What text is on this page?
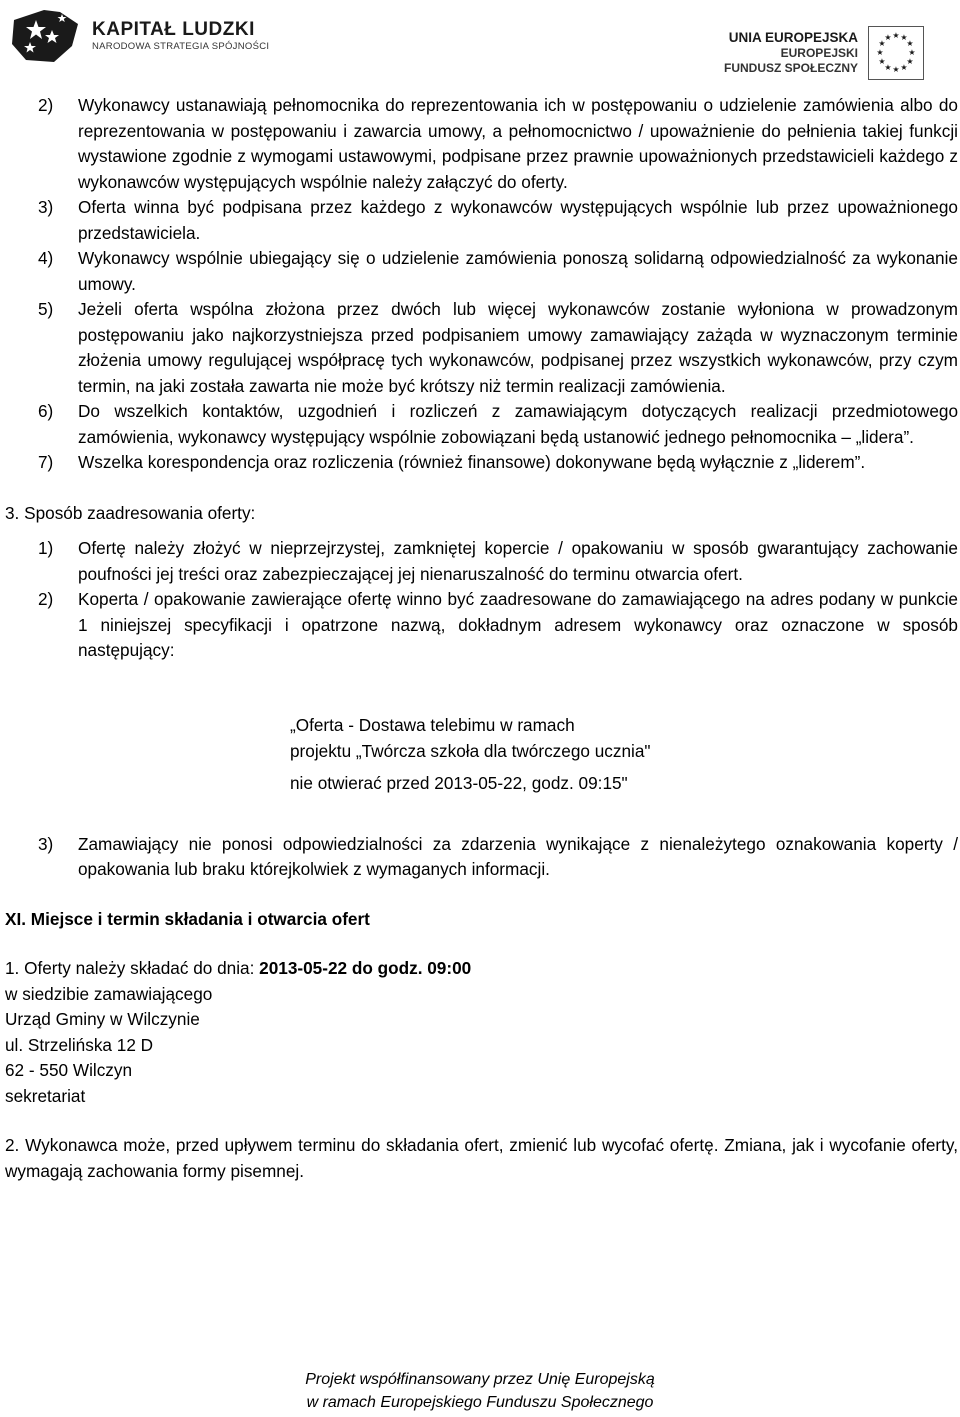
KAPITAŁ LUDZKI
NARODOWA STRATEGIA SPÓJNOŚCI
UNIA EUROPEJSKA
EUROPEJSKI
FUNDUSZ SPOŁECZNY
★ ★
★
★
★
★
★
★
★
★
★
★
2) Wykonawcy ustanawiają pełnomocnika do reprezentowania ich w postępowaniu o udzielenie zamówienia albo do reprezentowania w postępowaniu i zawarcia umowy, a pełnomocnictwo / upoważnienie do pełnienia takiej funkcji wystawione zgodnie z wymogami ustawowymi, podpisane przez prawnie upoważnionych przedstawicieli każdego z wykonawców występujących wspólnie należy załączyć do oferty.
3) Oferta winna być podpisana przez każdego z wykonawców występujących wspólnie lub przez upoważnionego przedstawiciela.
4) Wykonawcy wspólnie ubiegający się o udzielenie zamówienia ponoszą solidarną odpowiedzialność za wykonanie umowy.
5) Jeżeli oferta wspólna złożona przez dwóch lub więcej wykonawców zostanie wyłoniona w prowadzonym postępowaniu jako najkorzystniejsza przed podpisaniem umowy zamawiający zażąda w wyznaczonym terminie złożenia umowy regulującej współpracę tych wykonawców, podpisanej przez wszystkich wykonawców, przy czym termin, na jaki została zawarta nie może być krótszy niż termin realizacji zamówienia.
6) Do wszelkich kontaktów, uzgodnień i rozliczeń z zamawiającym dotyczących realizacji przedmiotowego zamówienia, wykonawcy występujący wspólnie zobowiązani będą ustanowić jednego pełnomocnika – „lidera”.
7) Wszelka korespondencja oraz rozliczenia (również finansowe) dokonywane będą wyłącznie z „liderem”.
3. Sposób zaadresowania oferty:
1) Ofertę należy złożyć w nieprzejrzystej, zamkniętej kopercie / opakowaniu w sposób gwarantujący zachowanie poufności jej treści oraz zabezpieczającej jej nienaruszalność do terminu otwarcia ofert.
2) Koperta / opakowanie zawierające ofertę winno być zaadresowane do zamawiającego na adres podany w punkcie 1 niniejszej specyfikacji i opatrzone nazwą, dokładnym adresem wykonawcy oraz oznaczone w sposób następujący:
„Oferta - Dostawa telebimu w ramach
projektu „Twórcza szkoła dla twórczego ucznia"
nie otwierać przed 2013-05-22, godz. 09:15"
3) Zamawiający nie ponosi odpowiedzialności za zdarzenia wynikające z nienależytego oznakowania koperty / opakowania lub braku którejkolwiek z wymaganych informacji.
XI. Miejsce i termin składania i otwarcia ofert
1. Oferty należy składać do dnia: 2013-05-22 do godz. 09:00
w siedzibie zamawiającego
Urząd Gminy w Wilczynie
ul. Strzelińska 12 D
62 - 550 Wilczyn
sekretariat
2. Wykonawca może, przed upływem terminu do składania ofert, zmienić lub wycofać ofertę. Zmiana, jak i wycofanie oferty, wymagają zachowania formy pisemnej.
Projekt współfinansowany przez Unię Europejską
w ramach Europejskiego Funduszu Społecznego
